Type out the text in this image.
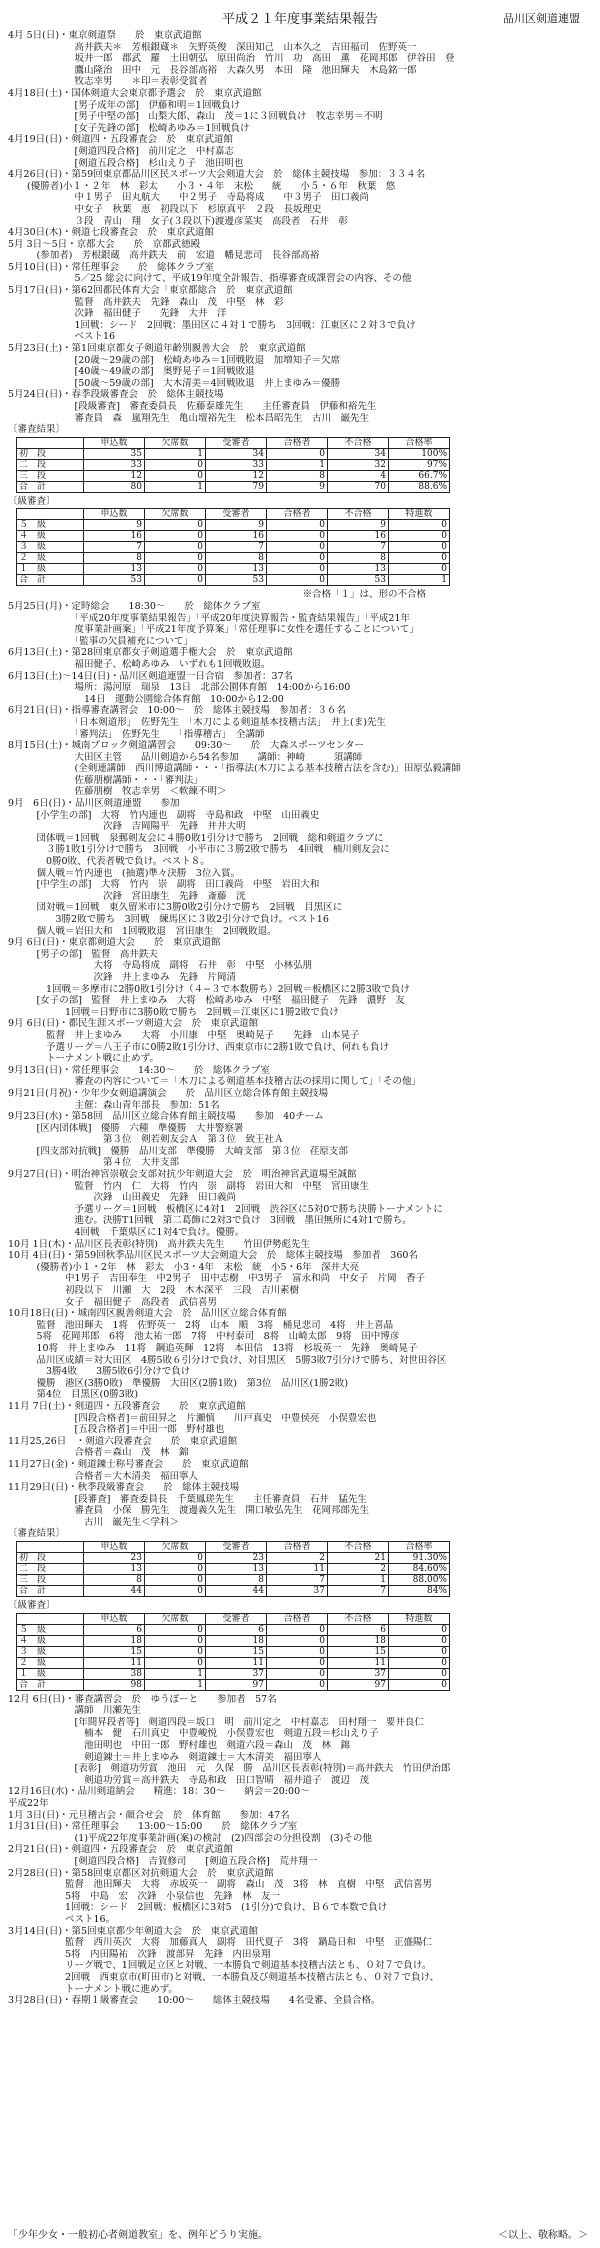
平成２１年度事業結果報告	品川区剣道連盟
4月 5日(日)・東京剣道祭　　於　東京武道館
　　　　　　　高井鉄夫＊　芳根銀蔵＊　矢野英俊　深田知己　山本久之　吉田福司　佐野英一
　　　　　　　坂井一郎　郡武　羅　土田朝弘　原田尚治　竹川　功　高田　薫　花岡邦郎　伊谷田　登
　　　　　　　鷹山隆治　田中　元　長谷部高裕　大森久男　本田　隆　池田輝夫　木島銘一郎
　　　　　　　牧志幸男　　＊印＝表彰受賞者
4月18日(土)・国体剣道大会東京都予選会　於　東京武道館
　　　　　　　[男子成年の部]　伊藤和明＝1回戦負け
　　　　　　　[男子中堅の部]　山梨大郎、森山　茂＝1に３回戦負け　牧志幸男＝不明
　　　　　　　[女子先鋒の部]　松崎あゆみ＝1回戦負け
4月19日(日)・剣道四・五段審査会　於　東京武道館
　　　　　　　[剣道四段合格]　前川定之　中村嘉志
　　　　　　　[剣道五段合格]　杉山えり子　池田明也
4月26日(日)・第59回東京都品川区民スポーツ大会剣道大会　於　総体主競技場　参加：３３４名
　　(優勝者)小１・２年　林　彩太　　小３・４年　末松　　統　　小５・６年　秋葉　悠
　　　　　　　中１男子　田丸航大　　中２男子　寺島将成　　中３男子　田口義尚
　　　　　　　中女子　秋葉　恵　初段以下　杉原真平　２段　長坂理史
　　　　　　　３段　青山　翔　女子(３段以下)渡邊彦菜実　高段者　石井　彰
4月30日(木)・剣道七段審査会　於　東京武道館
5月 3日〜5日・京都大会　　於　京都武徳殿
　　　(参加者)　芳根銀蔵　高井鉄夫　前　宏道　幡見悲司　長谷部高裕
5月10日(日)・常任理事会　　於　総体クラブ室
　　　　　　　5／25 総会に向けて、平成19年度全計報告、指導審査成課習会の内容、その他
5月17日(日)・第62回都民体育大会「東京都総合　於　東京武道館
　　　　　　　監督　高井鉄夫　先鋒　森山　茂　中堅　林　彩
　　　　　　　次鋒　福田健子　　先鋒　大井　洋
　　　　　　　1回戦：シード　2回戦：墨田区に４対１で勝ち　3回戦：江東区に２対３で負け
　　　　　　　ベスト16
5月23日(土)・第1回東京都女子剣道年齢別親善大会　於　東京武道館
　　　　　　　[20歳〜29歳の部]　松崎あゆみ＝1回戦敗退　加増知子＝欠席
　　　　　　　[40歳〜49歳の部]　奥野晃子＝1回戦敗退
　　　　　　　[50歳〜59歳の部]　大木清美＝4回戦敗退　井上まゆみ＝優勝
5月24日(日)・春季段級審査会　於　総体主競技場
　　　　　　　[段級審査]　審査委員長　佐藤泰雄先生　　主任審査員　伊藤和裕先生
　　　　　　　審査員　森　嵐翔先生　亀山壇裕先生　松本昌昭先生　古川　巌先生
〔審査結果〕
	申込数	欠席数	受審者	合格者	不合格	合格率
初　段	35	1	34	0	34	100%
二　段	33	0	33	1	32	97%
三　段	12	0	12	8	4	66.7%
合　計	80	1	79	9	70	88.6%
〔級審査〕
	申込数	欠席数	受審者	合格者	不合格	特進数
５　級	9	0	9	0	9	0
４　級	16	0	16	0	16	0
３　級	7	0	7	0	7	0
２　級	8	0	8	0	8	0
１　級	13	0	13	0	13	0
合　計	53	0	53	0	53	1
　　　　　　　　　　　　　　　　　　　　　　　　　　　　　　　※合格「１」は、形の不合格
5月25日(月)・定時総会　　18:30〜　　於　総体クラブ室
　　　　　　　「平成20年度事業結果報告」「平成20年度決算報告・監査結果報告」「平成21年
　　　　　　　度事業計画案」「平成21年度予算案」「常任理事に女性を選任することについて」
　　　　　　　「監事の欠員補充について」
6月13日(土)・第28回東京都女子剣道選手権大会　於　東京武道館
　　　　　　　福田健子、松崎あゆみ　いずれも1回戦敗退。
6月13日(土)〜14日(日)・品川区剣道連盟一日合宿　参加者：37名
　　　　　　　場所：湯河原　瑞泉　13日　北部公園体育館　14:00から16:00
　　　　　　　　14日　運動公園総合体育館　10:00から12:00
6月21日(日)・指導審査講習会　10:00〜　於　総体主競技場　参加者：３６名
　　　　　　　「日本剣道形」　佐野先生　「木刀による剣道基本技稽古法」　井上(ま)先生
　　　　　　　「審判法」　佐野先生　　「指導稽古」　全講師
8月15日(土)・城南ブロック剣道講習会　　09:30〜　　於　大森スポーツセンター
　　　　　　　大田区主管　　品川剣道から54名参加　　講師：神崎　　　須講師
　　　　　　　(全剣連講師　西川博道講師・・・「指導法(木刀による基本技稽古法を含む)」田原弘毅講師
　　　　　　　佐藤朋樹講師・・・「審判法」
　　　　　　　佐藤朋樹　牧志幸男　＜軟練不明＞
9月　6日(日)・品川区剣道連盟　　参加
　　　[小学生の部]　大将　竹内連也　副将　寺島和政　中堅　山田義史
　　　　　　　　　　次鋒　吉岡陽平　先鋒　井井大明
　　　団体戦＝1回戦　泉郵剣友会に４勝0敗1引分けで勝ち　2回戦　総和剣道クラブに
　　　　３勝1敗1引分けで勝ち　3回戦　小平市に３勝2敗で勝ち　4回戦　楠川剣友会に
　　　　0勝0敗、代表者戦で負け。ベスト８。
　　　個人戦＝竹内連也　(抽選)準々決勝　3位入賞。
　　　[中学生の部]　大将　竹内　崇　副将　田口義尚　中堅　岩田大和
　　　　　　　　　　次鋒　宮田康生　先鋒　斎藤　洸
　　　団対戦＝1回戦　東久留米市に3勝0敗2引分けで勝ち　2回戦　目黒区に
　　　　　3勝2敗で勝ち　3回戦　練馬区に３敗2引分けで負け。ベスト16
　　　個人戦＝岩田大和　1回戦敗退　宮田康生　2回戦敗退。
9月 6日(日)・東京都剣道大会　　於　東京武道館
　　　[男子の部]　監督　高井鉄夫
　　　　　　　　　大将　寺島将成　副将　石井　彰　中堅　小林弘朋
　　　　　　　　　次鋒　井上まゆみ　先鋒　片岡清
　　　　1回戦＝多摩市に2勝0敗1引分け（４−３で本数勝ち）2回戦＝板橋区に2勝3敗で負け
　　　[女子の部]　監督　井上まゆみ　大将　松崎あゆみ　中堅　福田健子　先鋒　濃野　友
　　　　　　1回戦＝日野市に3勝0敗で勝ち　2回戦＝江東区に1勝2敗で負け
9月 6日(日)・都民生涯スポーツ剣道大会　於　東京武道館
　　　　監督　井上まゆみ　　大将　小川康　中堅　奥崎晃子　　先鋒　山本晃子
　　　　予選リーグ＝八王子市に0勝2敗1引分け、西東京市に2勝1敗で負け、何れも負け
　　　　トーナメント戦に止めず。
9月13日(日)・常任理事会　　14:30〜　　於　総体クラブ室
　　　　　　　審査の内容について＝「木刀による剣道基本技稽古法の採用に関して」「その他」
9月21日(月祝)・少年少女剣道講演会　　於　品川区立総合体育館主競技場
　　　　　　　主催：森山青年部長　参加：51名
9月23日(水)・第58回　品川区立総合体育館主競技場　　参加　40チーム
　　　[区内団体戦]　優勝　六種　準優勝　大井警察署
　　　　　　　　　　第３位　剣若剣友会Ａ　第３位　致王社Ａ
　　　[四支部対抗戦]　優勝　品川支部　準優勝　大崎支部　第３位　荏原支部
　　　　　　　　　　第４位　大井支部
9月27日(日)・明治神宮崇敬会支部対抗少年剣道大会　於　明治神宮武道場至誠館
　　　　　　　監督　竹内　仁　大将　竹内　崇　副将　岩田大和　中堅　宮田康生
　　　　　　　　　次鋒　山田義史　先鋒　田口義尚
　　　　　　　予選リーグ＝1回戦　板橋区に4対1　2回戦　渋谷区に5対0で勝ち決勝トーナメントに
　　　　　　　進む。決勝T1回戦　第二葛飾に2対3で負け　3回戦　墨田無所に4対1で勝ち。
　　　　　　　4回戦　千葉県区に1対4で負け。優勝。
10月 1日(木)・品川区長表彰(特別)　高井鉄夫先生　　竹田伊勢彪先生
10月 4日(日)・第59回秋季品川区民スポーツ大会剣道大会　於　総体主競技場　参加者　360名
　　　(優勝者)小１・2年　林　彩太　小3・4年　末松　統　小5・6年　深井大亮
　　　　　　中1男子　吉田奉生　中2男子　田中志樹　中3男子　富永和尚　中女子　片岡　香子
　　　　　　初段以下　川瀬　大　2段　木木深平　三段　吉川素樹
　　　　　　女子　福田健子　高段者　武信喜男
10月18日(日)・城南四区親善剣道大会　於　品川区立総合体育館
　　　監督　池田輝夫　1将　佐野英一　2将　山本　順　3将　桶見悲司　4将　井上喜晶
　　　5将　花岡邦郎　6将　池太祐一郎　7将　中村泰司　8将　山崎太郎　9将　田中博彦
　　　10将　井上まゆみ　11将　鋼追英輝　12将　本田信　13将　杉坂英一　先鋒　奥崎晃子
　　　品川区成績＝対大田区　4勝5敗６引分けで負け、対目黒区　5勝3敗7引分けで勝ち、対世田谷区
　　　　3勝4敗　　3勝5敗6引分けで負け
　　　優勝　港区(3勝0敗)　準優勝　大田区(2勝1敗)　第3位　品川区(1勝2敗)
　　　第4位　目黒区(0勝3敗)
11月 7日(土)・剣道四・五段審査会　　於　東京武道館
　　　　　　　[四段合格者]＝前田昇之　片瀬慎　　川戸真史　中豊侯亮　小俣豊宏也
　　　　　　　[五段合格者]＝中田一郎　野村雄也
11月25,26日　・剣道六段審査会　　於　東京武道館
　　　　　　　合格者＝森山　茂　林　錦
11月27日(金)・剣道錬士称号審査会　　於　東京武道館
　　　　　　　合格者＝大木清美　福田寧人
11月29日(日)・秋季段級審査会　　於　総体主競技場
　　　　　　　[段審査]　審査委員長　千葉鳳瑳先生　　主任審査員　石井　猛先生
　　　　　　　審査員　小保　勝先生　渡邊義久先生　開口敏弘先生　花岡邦郎先生
　　　　　　　　古川　巌先生＜学科＞
〔審査結果〕
	申込数	欠席数	受審者	合格者	不合格	合格率
初　段	23	0	23	2	21	91.30%
二　段	13	0	13	11	2	84.60%
三　段	8	0	8	7	1	88.00%
合　計	44	0	44	37	7	84%
〔級審査〕
	申込数	欠席数	受審者	合格者	不合格	特進数
５　級	6	0	6	0	6	0
４　級	18	0	18	0	18	0
３　級	15	0	15	0	15	0
２　級	11	0	11	0	11	0
１　級	38	1	37	0	37	0
合　計	98	1	97	0	97	0
12月 6日(日)・審査講習会　於　ゆうぽーと　　参加者　57名
　　　　　　　講師　川瀬先生
　　　　　　　[年間昇段者等]　剣道四段＝坂口　明　前川定之　中村嘉志　田村翔一　要井良仁
　　　　　　　　楠本　健　石川真史　中豊峻悦　小俣豊宏也　剣道五段＝杉山えり子
　　　　　　　　池田明也　中田一郎　野村雄也　剣道六段＝森山　茂　林　錦
　　　　　　　　剣道錬士＝井上まゆみ　剣道錬士＝大木清美　福田寧人
　　　　　　　[表彰]　剣道功労賞　池田　元　久保　勝　品川区長表彰(特別)＝高井鉄夫　竹田伊治郎
　　　　　　　　剣道功労賞＝高井鉄夫　寺島和政　田口智晴　福井道子　渡辺　茂
12月16日(水)・品川剣道納会　　精進：18：30〜　　納会＝20:00〜
平成22年
1月 3日(日)・元旦稽古会・顔合せ会　於　体育館　　参加：47名
1月31日(日)・常任理事会　　13:00〜15:00　　於　総体クラブ室
　　　　　　　(1)平成22年度事業計画(案)の検討　(2)四部会の分担役割　(3)その他
2月21日(日)・剣道四・五段審査会　於　東京武道館
　　　　　　　[剣道四段合格]　吉賀修司　　[剣道五段合格]　荒井翔一
2月28日(日)・第58回東京都区対抗剣道大会　於　東京武道館
　　　　　　監督　池田輝夫　大将　赤坂英一　副将　森山　茂　3将　林　直樹　中堅　武信喜男
　　　　　　5将　中島　宏　次鋒　小泉信也　先鋒　林　友一
　　　　　　1回戦：シード　2回戦：板橋区に3対5　(1引分)で負け、Ｂ６で本数で負け
　　　　　　ベスト16。
3月14日(日)・第5回東京都少年剣道大会　於　東京武道館
　　　　　　監督　西川英次　大将　加藤真人　副将　田代夏子　3将　鍋島日和　中堅　正盛陽仁
　　　　　　5将　内田陽祐　次鋒　渡部昇　先鋒　内田泉翔
　　　　　　リーグ戦で、1回戦足立区と対戦、一本勝負で剣道基本技稽古法とも、０対７で負け。
　　　　　　2回戦　西東京市(町田市)と対戦、一本勝負及び剣道基本技稽古法とも、０対７で負け、
　　　　　　トーナメント戦に進めず。
3月28日(日)・春期１級審査会　　10:00〜　　総体主競技場　　4名受審、全員合格。
「少年少女・一般初心者剣道教室」を、例年どうり実施。	＜以上、敬称略。＞
